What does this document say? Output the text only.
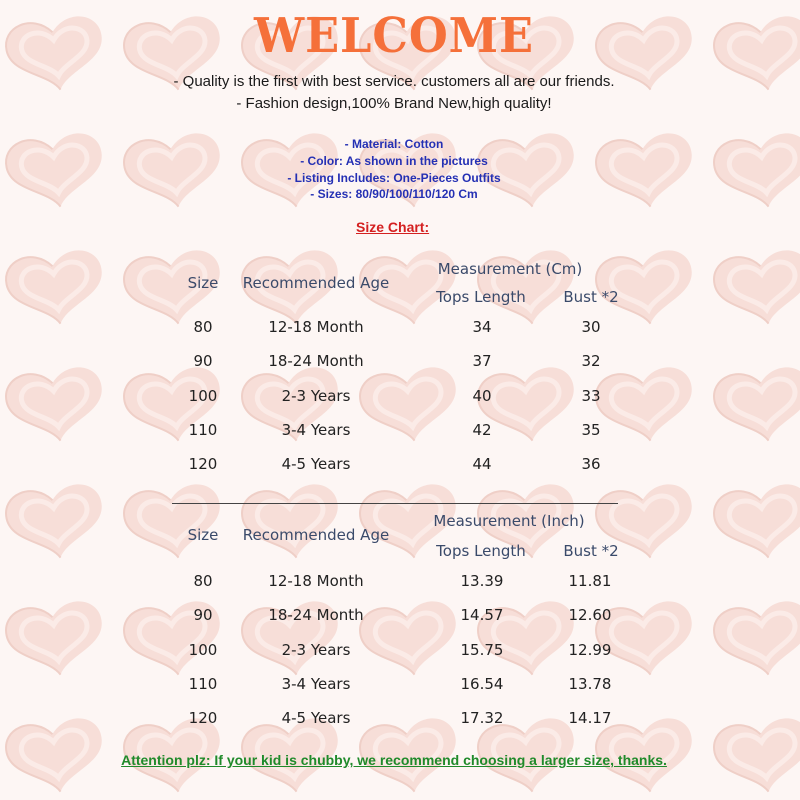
WELCOME
- Quality is the first with best service. customers all are our friends.
- Fashion design,100% Brand New,high quality!
- Material: Cotton
- Color: As shown in the pictures
- Listing Includes: One-Pieces Outfits
- Sizes: 80/90/100/110/120 Cm
Size Chart:
Size	Recommended Age
Measurement (Cm)
Tops Length	Bust *2
80	12-18 Month	34	30
90	18-24 Month	37	32
100	2-3 Years	40	33
110	3-4 Years	42	35
120	4-5 Years	44	36
Size	Recommended Age
Measurement (Inch)
Tops Length	Bust *2
80	12-18 Month	13.39	11.81
90	18-24 Month	14.57	12.60
100	2-3 Years	15.75	12.99
110	3-4 Years	16.54	13.78
120	4-5 Years	17.32	14.17
Attention plz: If your kid is chubby, we recommend choosing a larger size, thanks.
